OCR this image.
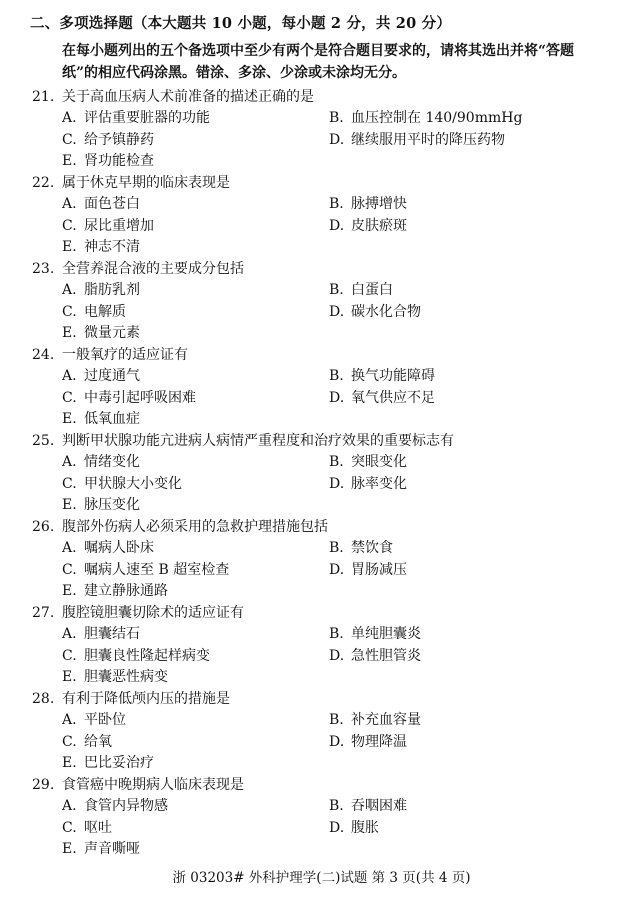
二、多项选择题（本大题共 10 小题，每小题 2 分，共 20 分）
在每小题列出的五个备选项中至少有两个是符合题目要求的，请将其选出并将“答题
纸”的相应代码涂黑。错涂、多涂、少涂或未涂均无分。
21. 关于高血压病人术前准备的描述正确的是
A. 评估重要脏器的功能	B. 血压控制在 140/90mmHg
C. 给予镇静药	D. 继续服用平时的降压药物
E. 肾功能检查
22. 属于休克早期的临床表现是
A. 面色苍白	B. 脉搏增快
C. 尿比重增加	D. 皮肤瘀斑
E. 神志不清
23. 全营养混合液的主要成分包括
A. 脂肪乳剂	B. 白蛋白
C. 电解质	D. 碳水化合物
E. 微量元素
24. 一般氧疗的适应证有
A. 过度通气	B. 换气功能障碍
C. 中毒引起呼吸困难	D. 氧气供应不足
E. 低氧血症
25. 判断甲状腺功能亢进病人病情严重程度和治疗效果的重要标志有
A. 情绪变化	B. 突眼变化
C. 甲状腺大小变化	D. 脉率变化
E. 脉压变化
26. 腹部外伤病人必须采用的急救护理措施包括
A. 嘱病人卧床	B. 禁饮食
C. 嘱病人速至 B 超室检查	D. 胃肠减压
E. 建立静脉通路
27. 腹腔镜胆囊切除术的适应证有
A. 胆囊结石	B. 单纯胆囊炎
C. 胆囊良性隆起样病变	D. 急性胆管炎
E. 胆囊恶性病变
28. 有利于降低颅内压的措施是
A. 平卧位	B. 补充血容量
C. 给氧	D. 物理降温
E. 巴比妥治疗
29. 食管癌中晚期病人临床表现是
A. 食管内异物感	B. 吞咽困难
C. 呕吐	D. 腹胀
E. 声音嘶哑
浙 03203# 外科护理学(二)试题 第 3 页(共 4 页)
